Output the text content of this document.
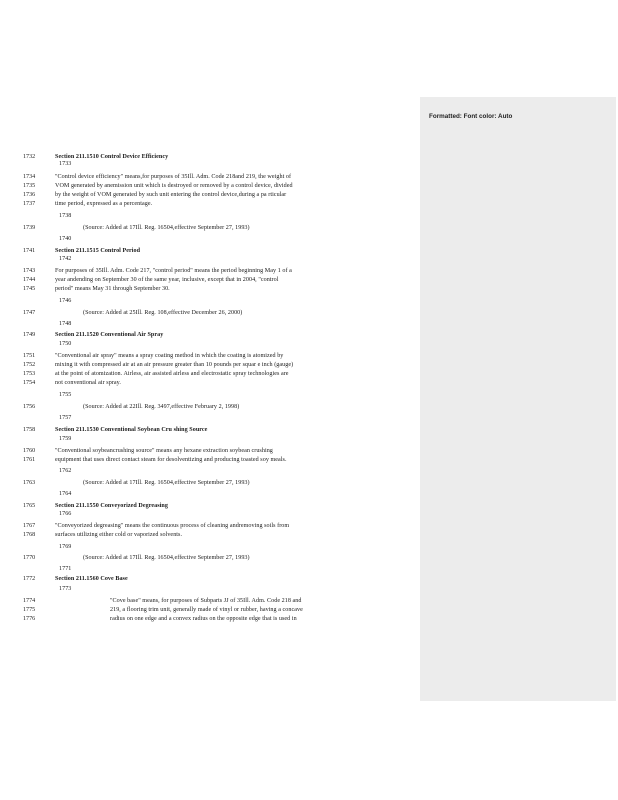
1732	Section 211.1510 Control Device Efficiency
1733
1734	"Control device efficiency" means,for purposes of 35Ill. Adm. Code 218and 219, the weight of
1735	VOM generated by anemission unit which is destroyed or removed by a control device, divided
1736	by the weight of VOM generated by such unit entering the control device,during a pa rticular
1737	time period, expressed as a percentage.
1738
1739	(Source: Added at 17Ill. Reg. 16504,effective September 27, 1993)
1740
1741	Section 211.1515 Control Period
1742
1743	For purposes of 35Ill. Adm. Code 217, "control period" means the period beginning May 1 of a
1744	year andending on September 30 of the same year, inclusive, except that in 2004, "control
1745	period" means May 31 through September 30.
1746
1747	(Source: Added at 25Ill. Reg. 108,effective December 26, 2000)
1748
1749	Section 211.1520 Conventional Air Spray
1750
1751	"Conventional air spray" means a spray coating method in which the coating is atomized by
1752	mixing it with compressed air at an air pressure greater than 10 pounds per squar e inch (gauge)
1753	at the point of atomization. Airless, air assisted airless and electrostatic spray technologies are
1754	not conventional air spray.
1755
1756	(Source: Added at 22Ill. Reg. 3497,effective February 2, 1998)
1757
1758	Section 211.1530 Conventional Soybean Cru shing Source
1759
1760	"Conventional soybeancrushing source" means any hexane extraction soybean crushing
1761	equipment that uses direct contact steam for desolventizing and producing toasted soy meals.
1762
1763	(Source: Added at 17Ill. Reg. 16504,effective September 27, 1993)
1764
1765	Section 211.1550 Conveyorized Degreasing
1766
1767	"Conveyorized degreasing" means the continuous process of cleaning andremoving soils from
1768	surfaces utilizing either cold or vaporized solvents.
1769
1770	(Source: Added at 17Ill. Reg. 16504,effective September 27, 1993)
1771
1772	Section 211.1560 Cove Base
1773
1774	"Cove base" means, for purposes of Subparts JJ of 35Ill. Adm. Code 218 and
1775	219, a flooring trim unit, generally made of vinyl or rubber, having a concave
1776	radius on one edge and a convex radius on the opposite edge that is used in
Formatted: Font color: Auto
